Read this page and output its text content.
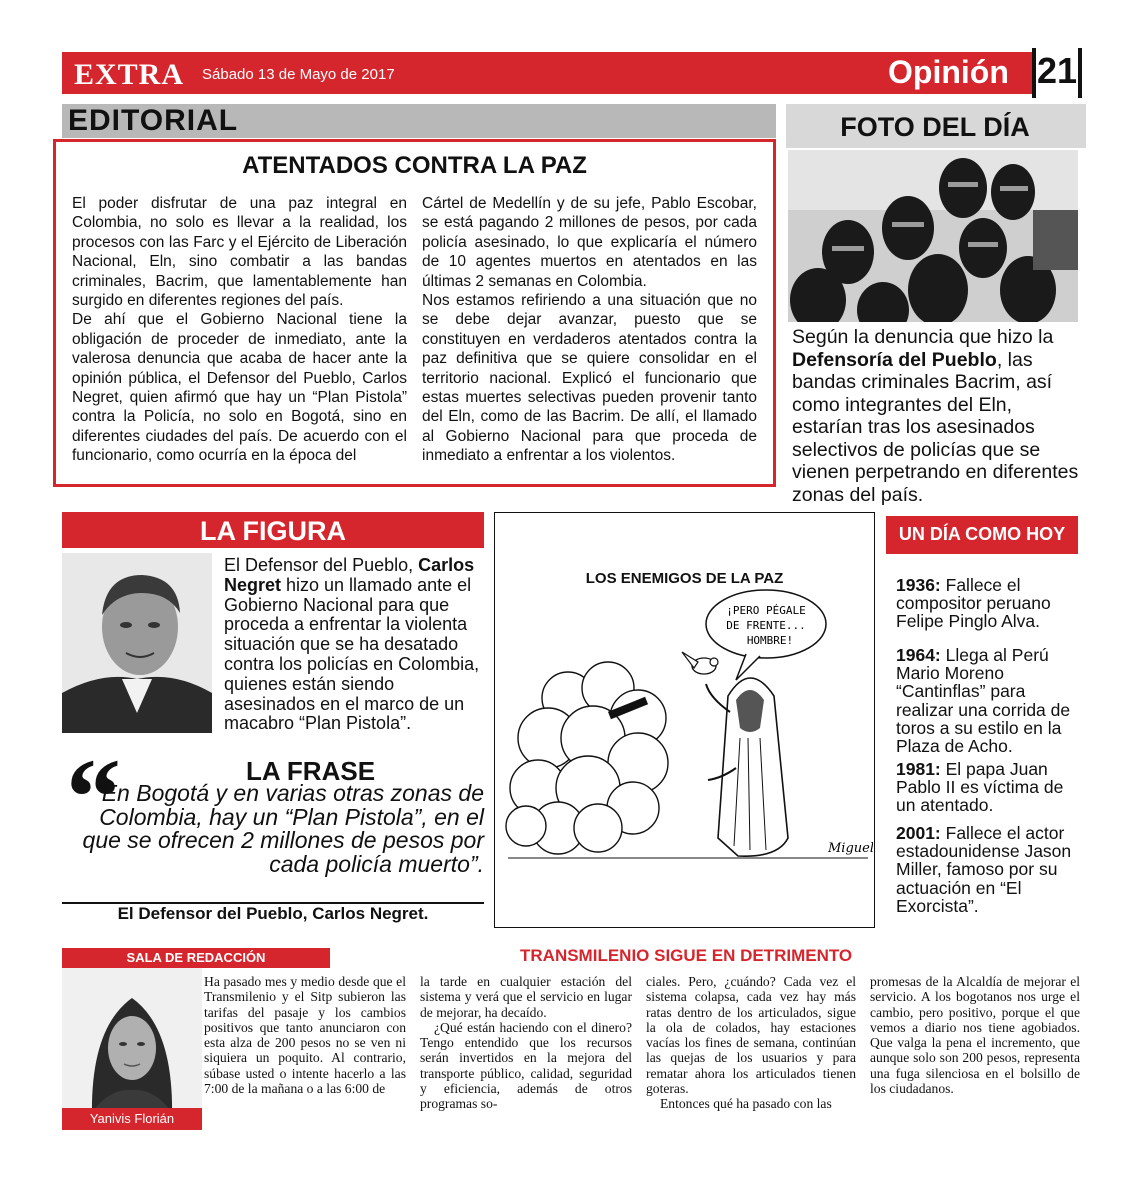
EXTRA Sábado 13 de Mayo de 2017	Opinión 21
EDITORIAL
ATENTADOS CONTRA LA PAZ

El poder disfrutar de una paz integral en Colombia, no solo es llevar a la realidad, los procesos con las Farc y el Ejército de Liberación Nacional, Eln, sino combatir a las bandas criminales, Bacrim, que lamentablemente han surgido en diferentes regiones del país.

De ahí que el Gobierno Nacional tiene la obligación de proceder de inmediato, ante la valerosa denuncia que acaba de hacer ante la opinión pública, el Defensor del Pueblo, Carlos Negret, quien afirmó que hay un “Plan Pistola” contra la Policía, no solo en Bogotá, sino en diferentes ciudades del país. De acuerdo con el funcionario, como ocurría en la época del

Cártel de Medellín y de su jefe, Pablo Escobar, se está pagando 2 millones de pesos, por cada policía asesinado, lo que explicaría el número de 10 agentes muertos en atentados en las últimas 2 semanas en Colombia.

Nos estamos refiriendo a una situación que no se debe dejar avanzar, puesto que se constituyen en verdaderos atentados contra la paz definitiva que se quiere consolidar en el territorio nacional. Explicó el funcionario que estas muertes selectivas pueden provenir tanto del Eln, como de las Bacrim. De allí, el llamado al Gobierno Nacional para que proceda de inmediato a enfrentar a los violentos.

FOTO DEL DÍA
Según la denuncia que hizo la Defensoría del Pueblo, las bandas criminales Bacrim, así como integrantes del Eln, estarían tras los asesinados selectivos de policías que se vienen perpetrando en diferentes zonas del país.
LA FIGURA
El Defensor del Pueblo, Carlos Negret hizo un llamado ante el Gobierno Nacional para que proceda a enfrentar la violenta situación que se ha desatado contra los policías en Colombia, quienes están siendo asesinados en el marco de un macabro “Plan Pistola”.
“	LA FRASE
En Bogotá y en varias otras zonas de Colombia, hay un “Plan Pistola”, en el que se ofrecen 2 millones de pesos por cada policía muerto”.
El Defensor del Pueblo, Carlos Negret.
LOS ENEMIGOS DE LA PAZ
¡PERO PÉGALE
DE FRENTE...
HOMBRE!
Miguel
UN DÍA COMO HOY
1936: Fallece el compositor peruano Felipe Pinglo Alva.
1964: Llega al Perú Mario Moreno “Cantinflas” para realizar una corrida de toros a su estilo en la Plaza de Acho.
1981: El papa Juan Pablo II es víctima de un atentado.
2001: Fallece el actor estadounidense Jason Miller, famoso por su actuación en “El Exorcista”.
SALA DE REDACCIÓN
Yanivis Florián
TRANSMILENIO SIGUE EN DETRIMENTO
Ha pasado mes y medio desde que el Transmilenio y el Sitp subieron las tarifas del pasaje y los cambios positivos que tanto anunciaron con esta alza de 200 pesos no se ven ni siquiera un poquito. Al contrario, súbase usted o intente hacerlo a las 7:00 de la mañana o a las 6:00 de

la tarde en cualquier estación del sistema y verá que el servicio en lugar de mejorar, ha decaído.

¿Qué están haciendo con el dinero? Tengo entendido que los recursos serán invertidos en la mejora del transporte público, calidad, seguridad y eficiencia, además de otros programas so-

ciales. Pero, ¿cuándo? Cada vez el sistema colapsa, cada vez hay más ratas dentro de los articulados, sigue la ola de colados, hay estaciones vacías los fines de semana, continúan las quejas de los usuarios y para rematar ahora los articulados tienen goteras.

Entonces qué ha pasado con las

promesas de la Alcaldía de mejorar el servicio. A los bogotanos nos urge el cambio, pero positivo, porque el que vemos a diario nos tiene agobiados. Que valga la pena el incremento, que aunque solo son 200 pesos, representa una fuga silenciosa en el bolsillo de los ciudadanos.
